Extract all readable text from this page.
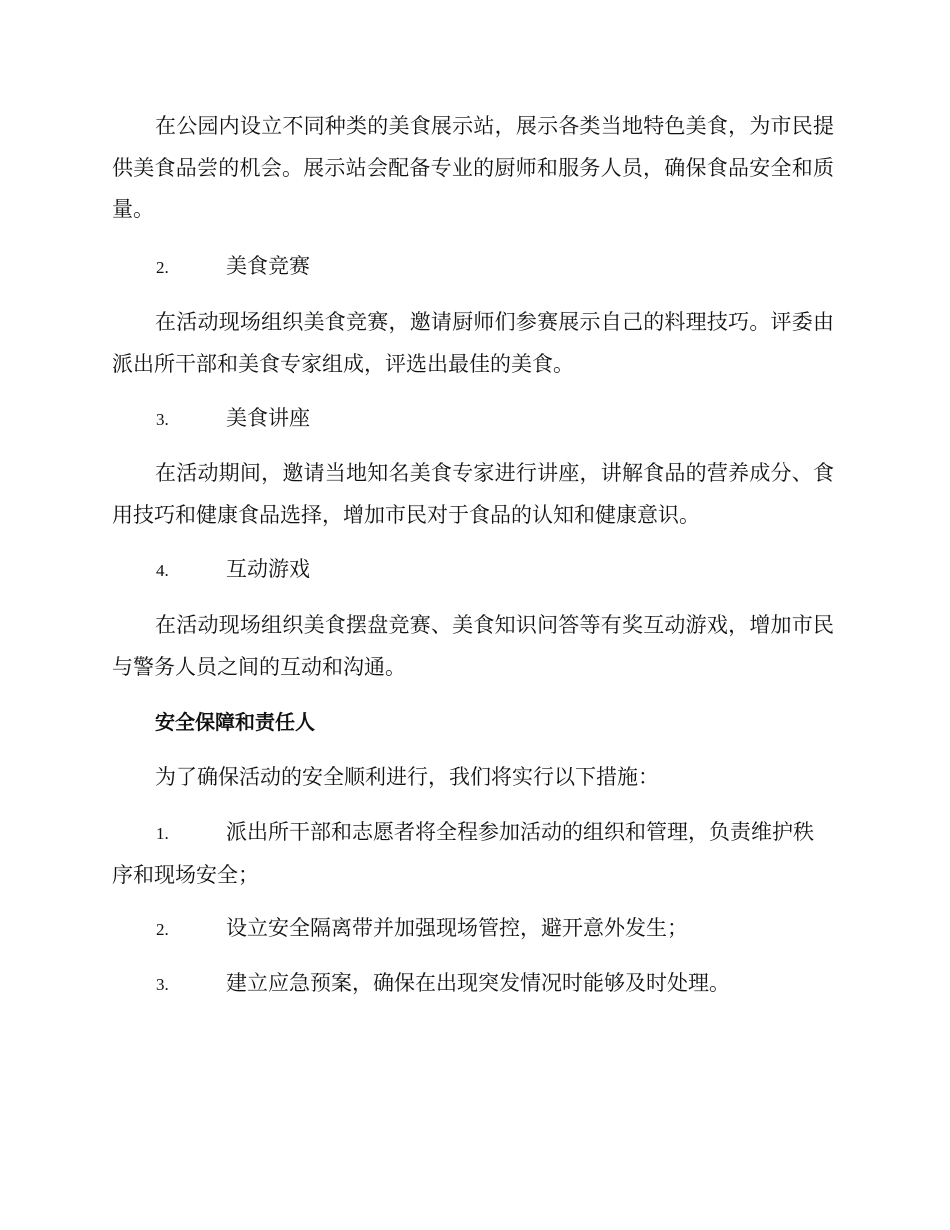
在公园内设立不同种类的美食展示站，展示各类当地特色美食，为市民提供美食品尝的机会。展示站会配备专业的厨师和服务人员，确保食品安全和质量。

2.	美食竞赛

在活动现场组织美食竞赛，邀请厨师们参赛展示自己的料理技巧。评委由派出所干部和美食专家组成，评选出最佳的美食。

3.	美食讲座

在活动期间，邀请当地知名美食专家进行讲座，讲解食品的营养成分、食用技巧和健康食品选择，增加市民对于食品的认知和健康意识。

4.	互动游戏

在活动现场组织美食摆盘竞赛、美食知识问答等有奖互动游戏，增加市民与警务人员之间的互动和沟通。

安全保障和责任人

为了确保活动的安全顺利进行，我们将实行以下措施：

1.	派出所干部和志愿者将全程参加活动的组织和管理，负责维护秩序和现场安全；

2.	设立安全隔离带并加强现场管控，避开意外发生；

3.	建立应急预案，确保在出现突发情况时能够及时处理。
